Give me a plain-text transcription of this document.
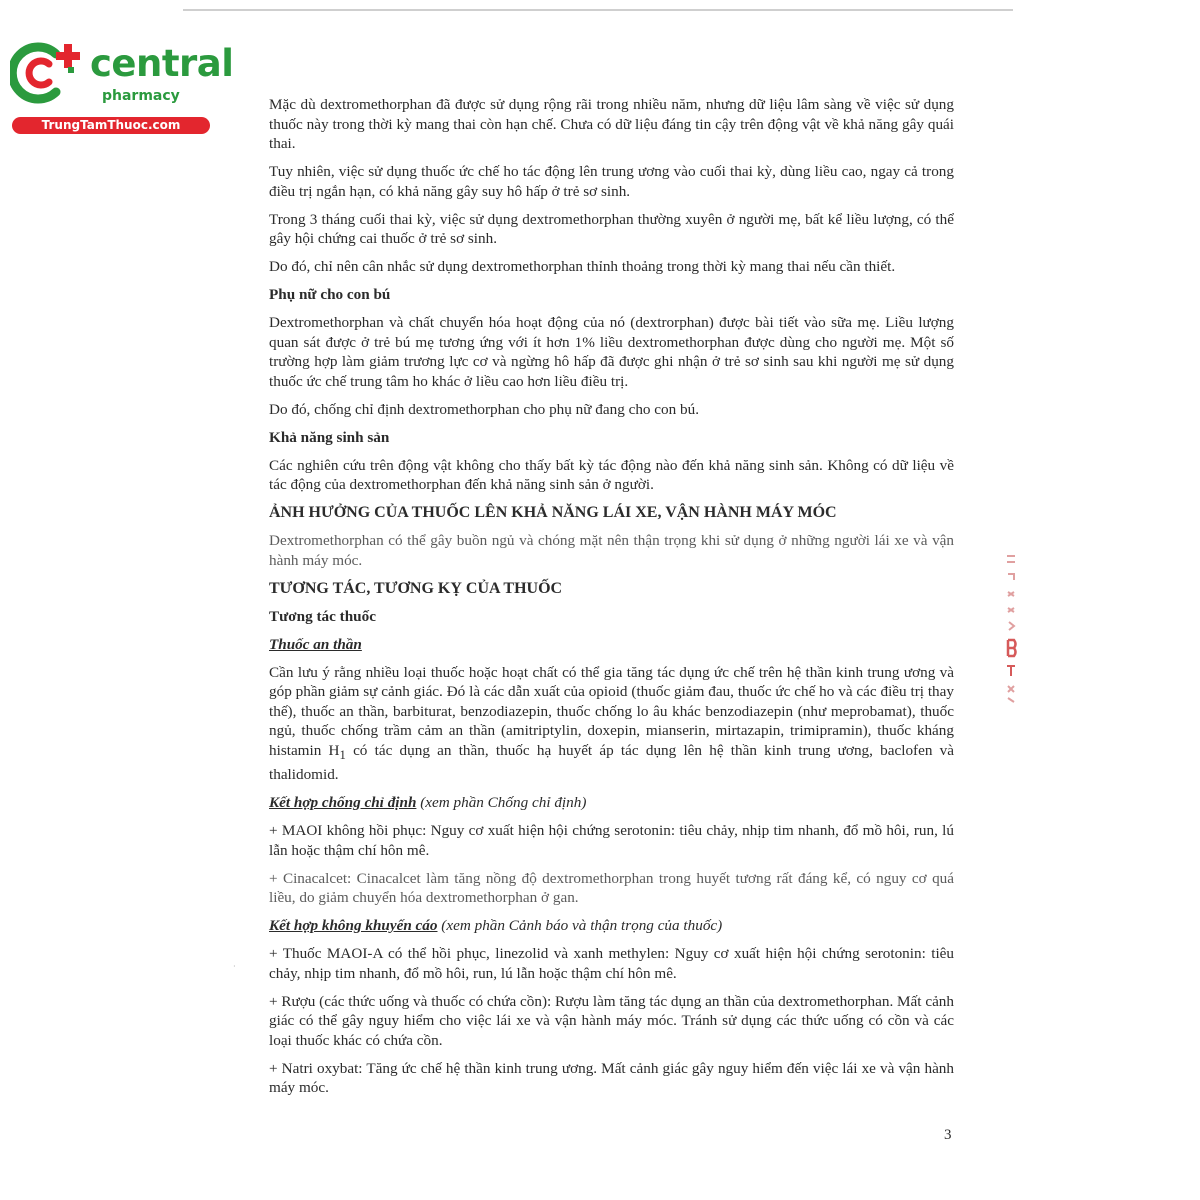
central
pharmacy
TrungTamThuoc.com

Mặc dù dextromethorphan đã được sử dụng rộng rãi trong nhiều năm, nhưng dữ liệu lâm sàng về việc sử dụng thuốc này trong thời kỳ mang thai còn hạn chế. Chưa có dữ liệu đáng tin cậy trên động vật về khả năng gây quái thai.

Tuy nhiên, việc sử dụng thuốc ức chế ho tác động lên trung ương vào cuối thai kỳ, dùng liều cao, ngay cả trong điều trị ngắn hạn, có khả năng gây suy hô hấp ở trẻ sơ sinh.

Trong 3 tháng cuối thai kỳ, việc sử dụng dextromethorphan thường xuyên ở người mẹ, bất kể liều lượng, có thể gây hội chứng cai thuốc ở trẻ sơ sinh.

Do đó, chỉ nên cân nhắc sử dụng dextromethorphan thỉnh thoảng trong thời kỳ mang thai nếu cần thiết.

Phụ nữ cho con bú

Dextromethorphan và chất chuyển hóa hoạt động của nó (dextrorphan) được bài tiết vào sữa mẹ. Liều lượng quan sát được ở trẻ bú mẹ tương ứng với ít hơn 1% liều dextromethorphan được dùng cho người mẹ. Một số trường hợp làm giảm trương lực cơ và ngừng hô hấp đã được ghi nhận ở trẻ sơ sinh sau khi người mẹ sử dụng thuốc ức chế trung tâm ho khác ở liều cao hơn liều điều trị.

Do đó, chống chỉ định dextromethorphan cho phụ nữ đang cho con bú.

Khả năng sinh sản

Các nghiên cứu trên động vật không cho thấy bất kỳ tác động nào đến khả năng sinh sản. Không có dữ liệu về tác động của dextromethorphan đến khả năng sinh sản ở người.

ẢNH HƯỞNG CỦA THUỐC LÊN KHẢ NĂNG LÁI XE, VẬN HÀNH MÁY MÓC

Dextromethorphan có thể gây buồn ngủ và chóng mặt nên thận trọng khi sử dụng ở những người lái xe và vận hành máy móc.

TƯƠNG TÁC, TƯƠNG KỴ CỦA THUỐC
Tương tác thuốc
Thuốc an thần

Cần lưu ý rằng nhiều loại thuốc hoặc hoạt chất có thể gia tăng tác dụng ức chế trên hệ thần kinh trung ương và góp phần giảm sự cảnh giác. Đó là các dẫn xuất của opioid (thuốc giảm đau, thuốc ức chế ho và các điều trị thay thế), thuốc an thần, barbiturat, benzodiazepin, thuốc chống lo âu khác benzodiazepin (như meprobamat), thuốc ngủ, thuốc chống trầm cảm an thần (amitriptylin, doxepin, mianserin, mirtazapin, trimipramin), thuốc kháng histamin $H_1$ có tác dụng an thần, thuốc hạ huyết áp tác dụng lên hệ thần kinh trung ương, baclofen và thalidomid.

Kết hợp chống chỉ định (xem phần Chống chỉ định)

+ MAOI không hồi phục: Nguy cơ xuất hiện hội chứng serotonin: tiêu chảy, nhịp tim nhanh, đổ mồ hôi, run, lú lẫn hoặc thậm chí hôn mê.

+ Cinacalcet: Cinacalcet làm tăng nồng độ dextromethorphan trong huyết tương rất đáng kể, có nguy cơ quá liều, do giảm chuyển hóa dextromethorphan ở gan.

Kết hợp không khuyến cáo (xem phần Cảnh báo và thận trọng của thuốc)

+ Thuốc MAOI-A có thể hồi phục, linezolid và xanh methylen: Nguy cơ xuất hiện hội chứng serotonin: tiêu chảy, nhịp tim nhanh, đổ mồ hôi, run, lú lẫn hoặc thậm chí hôn mê.

+ Rượu (các thức uống và thuốc có chứa cồn): Rượu làm tăng tác dụng an thần của dextromethorphan. Mất cảnh giác có thể gây nguy hiểm cho việc lái xe và vận hành máy móc. Tránh sử dụng các thức uống có cồn và các loại thuốc khác có chứa cồn.

+ Natri oxybat: Tăng ức chế hệ thần kinh trung ương. Mất cảnh giác gây nguy hiểm đến việc lái xe và vận hành máy móc.

3
·
